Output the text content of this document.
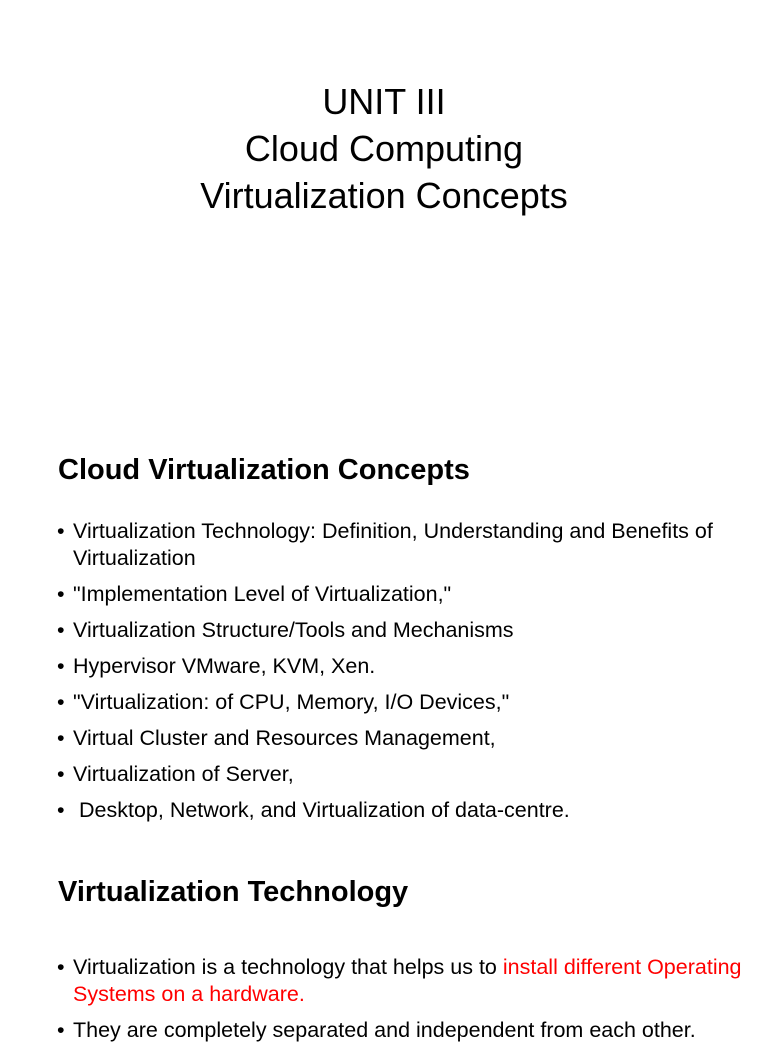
UNIT III
Cloud Computing
Virtualization Concepts
Cloud Virtualization Concepts
• Virtualization Technology: Definition, Understanding and Benefits of Virtualization
• "Implementation Level of Virtualization,"
• Virtualization Structure/Tools and Mechanisms
• Hypervisor VMware, KVM, Xen.
• "Virtualization: of CPU, Memory, I/O Devices,"
• Virtual Cluster and Resources Management,
• Virtualization of Server,
• Desktop, Network, and Virtualization of data-centre.
Virtualization Technology
• Virtualization is a technology that helps us to install different Operating Systems on a hardware.
• They are completely separated and independent from each other.
